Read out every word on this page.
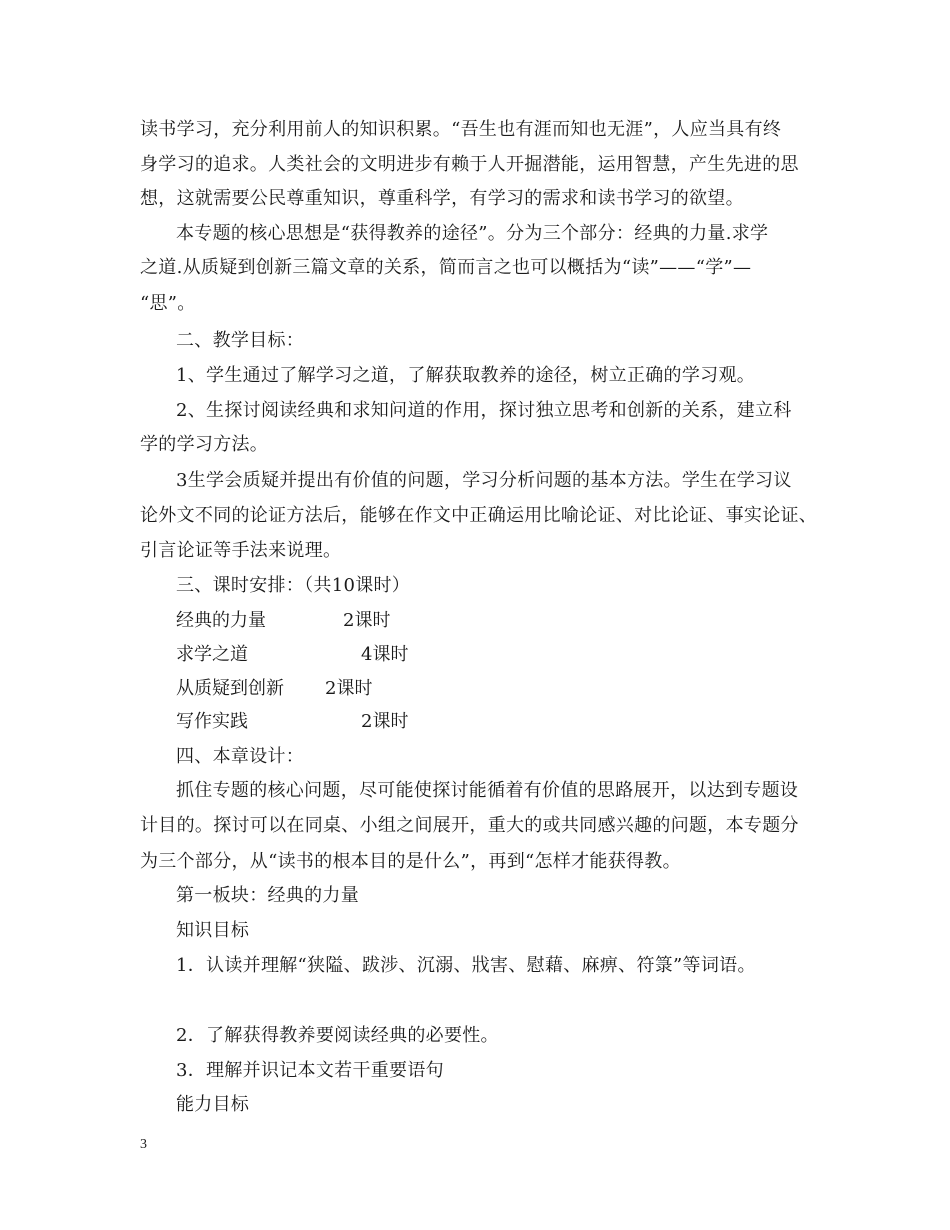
读书学习，充分利用前人的知识积累。“吾生也有涯而知也无涯”，人应当具有终
身学习的追求。人类社会的文明进步有赖于人开掘潜能，运用智慧，产生先进的思
想，这就需要公民尊重知识，尊重科学，有学习的需求和读书学习的欲望。
本专题的核心思想是“获得教养的途径”。分为三个部分：经典的力量.求学
之道.从质疑到创新三篇文章的关系，简而言之也可以概括为“读”——“学”—
“思”。
二、教学目标：
1、学生通过了解学习之道，了解获取教养的途径，树立正确的学习观。
2、生探讨阅读经典和求知问道的作用，探讨独立思考和创新的关系，建立科
学的学习方法。
3生学会质疑并提出有价值的问题，学习分析问题的基本方法。学生在学习议
论外文不同的论证方法后，能够在作文中正确运用比喻论证、对比论证、事实论证、
引言论证等手法来说理。
三、课时安排：（共10课时）
经典的力量	2课时
求学之道	4课时
从质疑到创新 2课时
写作实践	2课时
四、本章设计：
抓住专题的核心问题，尽可能使探讨能循着有价值的思路展开，以达到专题设
计目的。探讨可以在同桌、小组之间展开，重大的或共同感兴趣的问题，本专题分
为三个部分，从“读书的根本目的是什么”，再到“怎样才能获得教。
第一板块：经典的力量
知识目标
1．认读并理解“狭隘、跋涉、沉溺、戕害、慰藉、麻痹、符箓”等词语。
2．了解获得教养要阅读经典的必要性。
3．理解并识记本文若干重要语句
能力目标
3
